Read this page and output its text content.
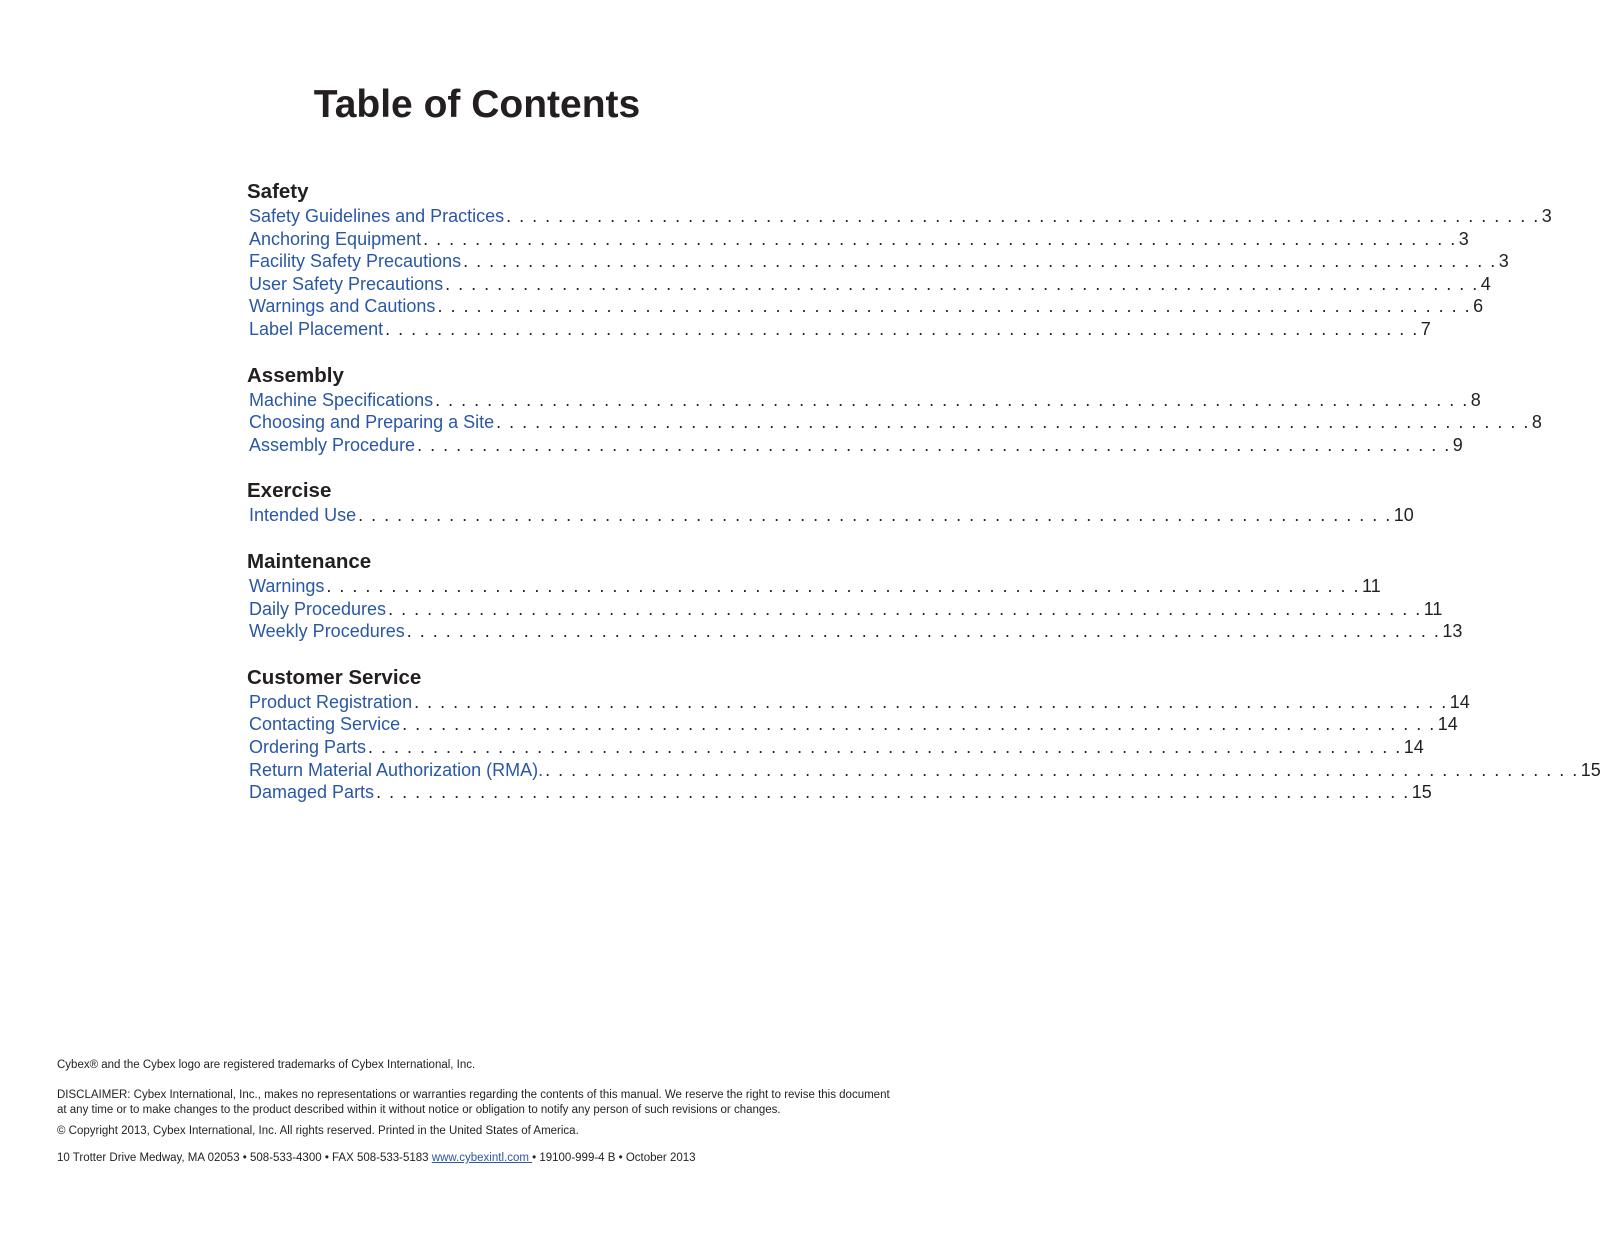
Table of Contents
Safety
Safety Guidelines and Practices . . . . . . . . . . . . . . . . . . . . . . . . . . . . . . . . . . . . . . . . . . . . . . . . . . . . . . . . . . . . . . . . . . . . . . . . . . . . . . . . 3
Anchoring Equipment . . . . . . . . . . . . . . . . . . . . . . . . . . . . . . . . . . . . . . . . . . . . . . . . . . . . . . . . . . . . . . . . . . . . . . . . . . . . . . . . 3
Facility Safety Precautions . . . . . . . . . . . . . . . . . . . . . . . . . . . . . . . . . . . . . . . . . . . . . . . . . . . . . . . . . . . . . . . . . . . . . . . . . . . . . . . . 3
User Safety Precautions . . . . . . . . . . . . . . . . . . . . . . . . . . . . . . . . . . . . . . . . . . . . . . . . . . . . . . . . . . . . . . . . . . . . . . . . . . . . . . . . 4
Warnings and Cautions . . . . . . . . . . . . . . . . . . . . . . . . . . . . . . . . . . . . . . . . . . . . . . . . . . . . . . . . . . . . . . . . . . . . . . . . . . . . . . . . 6
Label Placement . . . . . . . . . . . . . . . . . . . . . . . . . . . . . . . . . . . . . . . . . . . . . . . . . . . . . . . . . . . . . . . . . . . . . . . . . . . . . . . . 7
Assembly
Machine Specifications . . . . . . . . . . . . . . . . . . . . . . . . . . . . . . . . . . . . . . . . . . . . . . . . . . . . . . . . . . . . . . . . . . . . . . . . . . . . . . . . 8
Choosing and Preparing a Site . . . . . . . . . . . . . . . . . . . . . . . . . . . . . . . . . . . . . . . . . . . . . . . . . . . . . . . . . . . . . . . . . . . . . . . . . . . . . . . . 8
Assembly Procedure . . . . . . . . . . . . . . . . . . . . . . . . . . . . . . . . . . . . . . . . . . . . . . . . . . . . . . . . . . . . . . . . . . . . . . . . . . . . . . . . 9
Exercise
Intended Use . . . . . . . . . . . . . . . . . . . . . . . . . . . . . . . . . . . . . . . . . . . . . . . . . . . . . . . . . . . . . . . . . . . . . . . . . . . . . . . . 10
Maintenance
Warnings . . . . . . . . . . . . . . . . . . . . . . . . . . . . . . . . . . . . . . . . . . . . . . . . . . . . . . . . . . . . . . . . . . . . . . . . . . . . . . . . 11
Daily Procedures . . . . . . . . . . . . . . . . . . . . . . . . . . . . . . . . . . . . . . . . . . . . . . . . . . . . . . . . . . . . . . . . . . . . . . . . . . . . . . . . 11
Weekly Procedures . . . . . . . . . . . . . . . . . . . . . . . . . . . . . . . . . . . . . . . . . . . . . . . . . . . . . . . . . . . . . . . . . . . . . . . . . . . . . . . . 13
Customer Service
Product Registration . . . . . . . . . . . . . . . . . . . . . . . . . . . . . . . . . . . . . . . . . . . . . . . . . . . . . . . . . . . . . . . . . . . . . . . . . . . . . . . . 14
Contacting Service . . . . . . . . . . . . . . . . . . . . . . . . . . . . . . . . . . . . . . . . . . . . . . . . . . . . . . . . . . . . . . . . . . . . . . . . . . . . . . . . 14
Ordering Parts . . . . . . . . . . . . . . . . . . . . . . . . . . . . . . . . . . . . . . . . . . . . . . . . . . . . . . . . . . . . . . . . . . . . . . . . . . . . . . . . 14
Return Material Authorization (RMA). . . . . . . . . . . . . . . . . . . . . . . . . . . . . . . . . . . . . . . . . . . . . . . . . . . . . . . . . . . . . . . . . . . . . . . . . . . . . . . . . 15
Damaged Parts . . . . . . . . . . . . . . . . . . . . . . . . . . . . . . . . . . . . . . . . . . . . . . . . . . . . . . . . . . . . . . . . . . . . . . . . . . . . . . . . 15

Cybex® and the Cybex logo are registered trademarks of Cybex International, Inc.

DISCLAIMER: Cybex International, Inc., makes no representations or warranties regarding the contents of this manual. We reserve the right to revise this document at any time or to make changes to the product described within it without notice or obligation to notify any person of such revisions or changes.

© Copyright 2013, Cybex International, Inc. All rights reserved. Printed in the United States of America.

10 Trotter Drive Medway, MA 02053 • 508-533-4300 • FAX 508-533-5183 www.cybexintl.com • 19100-999-4 B • October 2013
